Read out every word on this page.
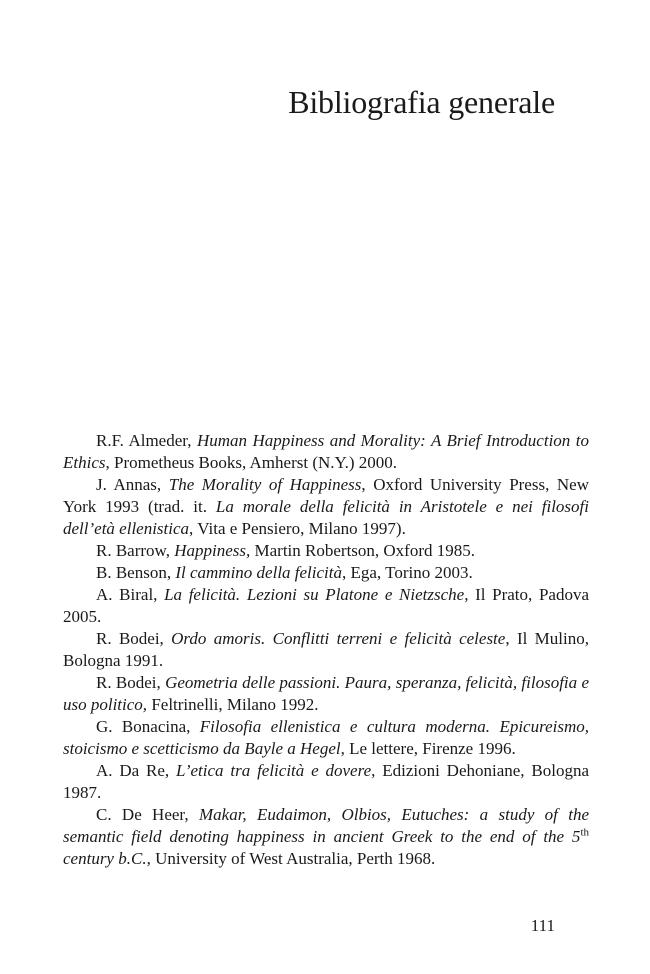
Bibliografia generale
R.F. Almeder, Human Happiness and Morality: A Brief Introduction to Ethics, Prometheus Books, Amherst (N.Y.) 2000.
J. Annas, The Morality of Happiness, Oxford University Press, New York 1993 (trad. it. La morale della felicità in Aristotele e nei filosofi dell’età ellenistica, Vita e Pensiero, Milano 1997).
R. Barrow, Happiness, Martin Robertson, Oxford 1985.
B. Benson, Il cammino della felicità, Ega, Torino 2003.
A. Biral, La felicità. Lezioni su Platone e Nietzsche, Il Prato, Padova 2005.
R. Bodei, Ordo amoris. Conflitti terreni e felicità celeste, Il Mulino, Bologna 1991.
R. Bodei, Geometria delle passioni. Paura, speranza, felicità, filosofia e uso politico, Feltrinelli, Milano 1992.
G. Bonacina, Filosofia ellenistica e cultura moderna. Epicureismo, stoicismo e scetticismo da Bayle a Hegel, Le lettere, Firenze 1996.
A. Da Re, L’etica tra felicità e dovere, Edizioni Dehoniane, Bologna 1987.
C. De Heer, Makar, Eudaimon, Olbios, Eutuches: a study of the semantic field denoting happiness in ancient Greek to the end of the 5th century b.C., University of West Australia, Perth 1968.
111
